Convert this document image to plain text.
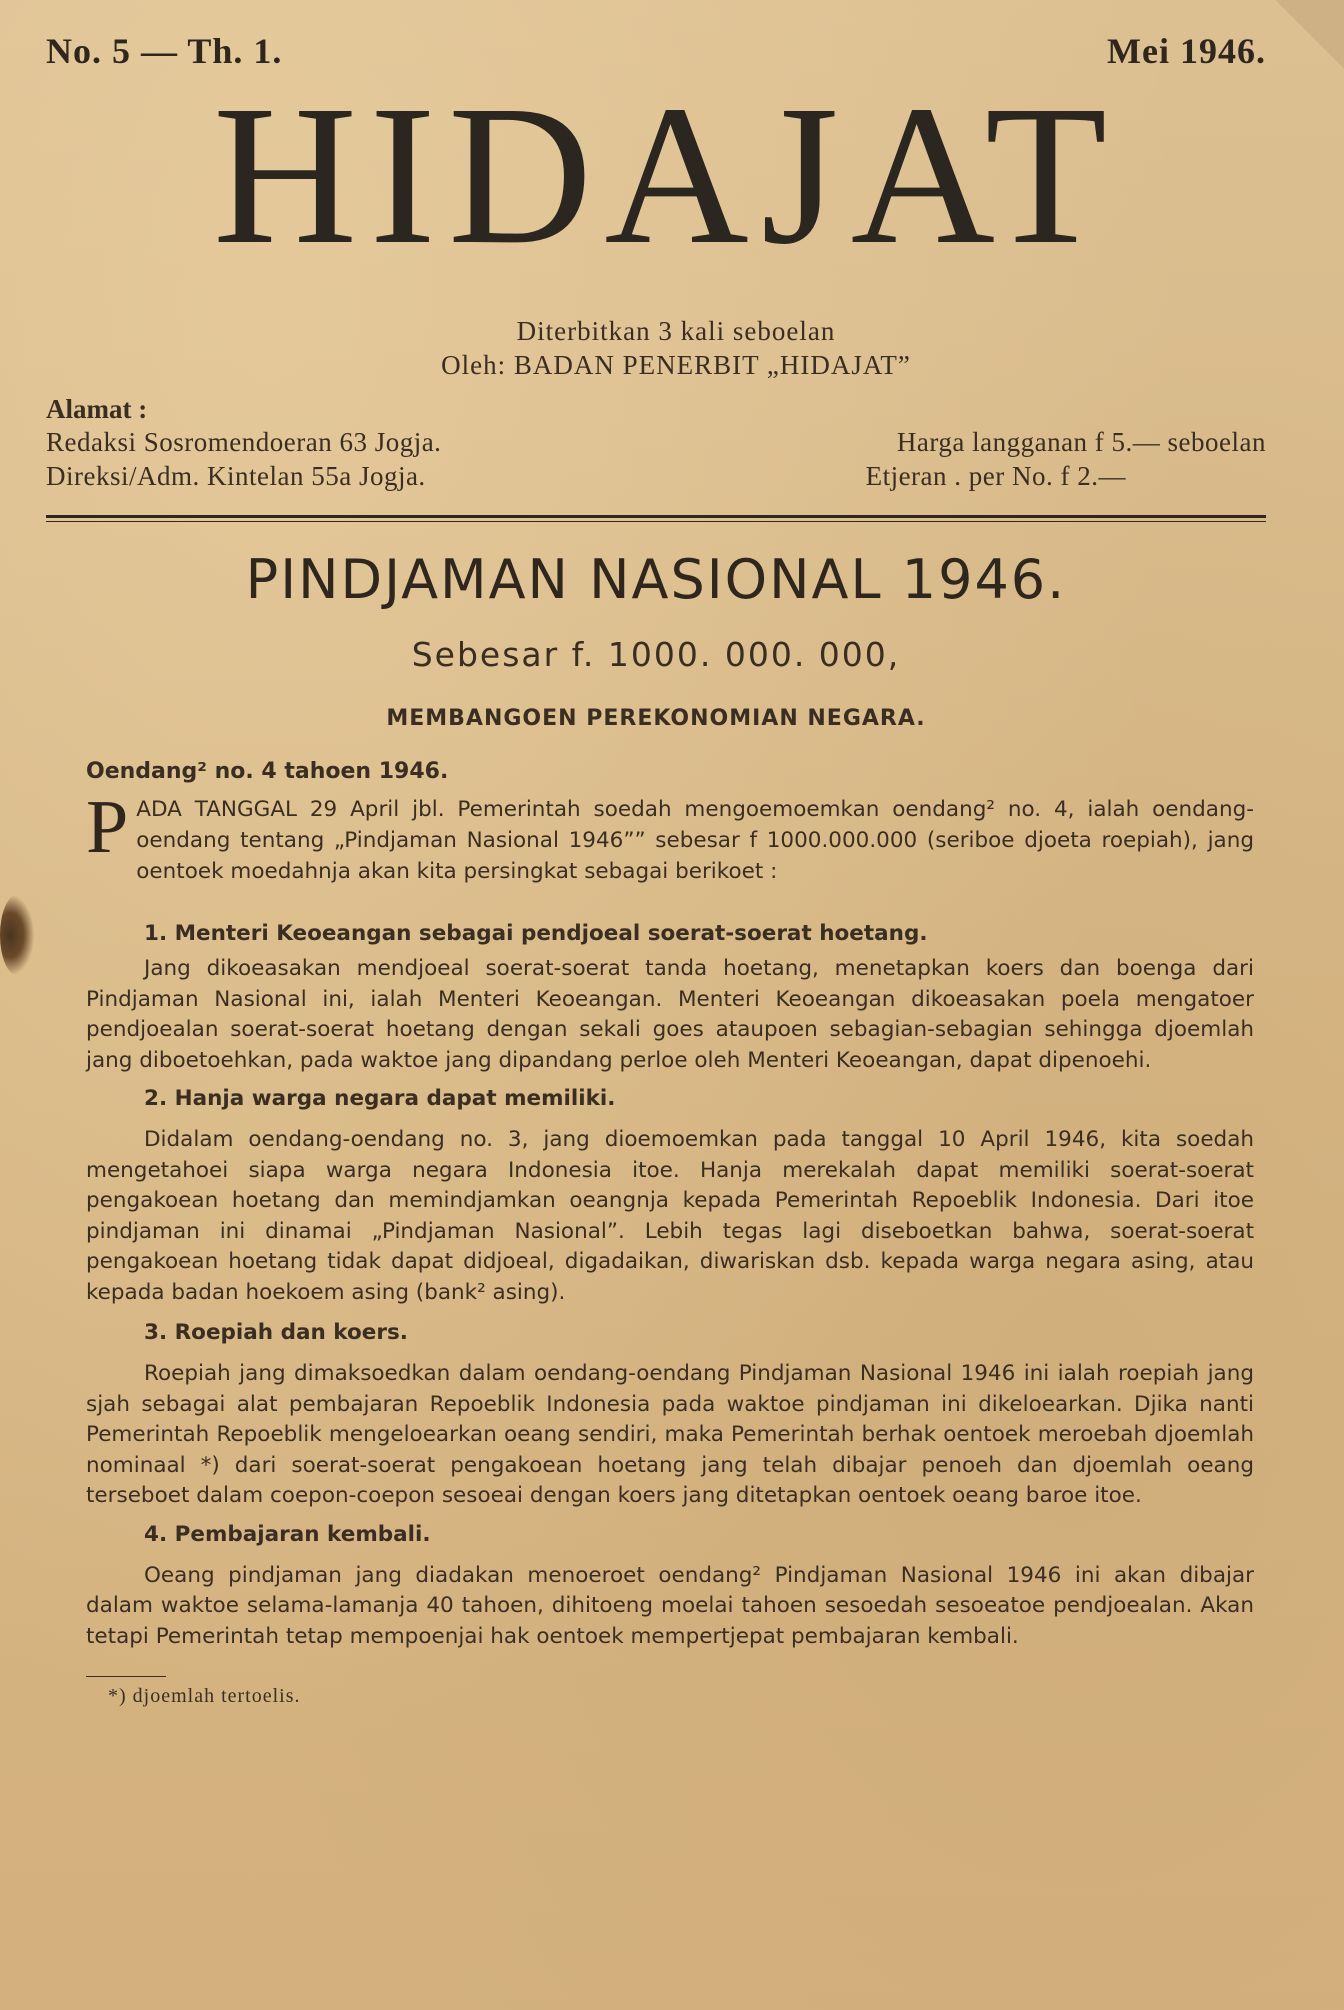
No. 5 — Th. 1.	Mei 1946.
HIDAJAT
Diterbitkan 3 kali seboelan
Oleh: BADAN PENERBIT „HIDAJAT”
Alamat :
Redaksi Sosromendoeran 63 Jogja.	Harga langganan f 5.— seboelan
Direksi/Adm. Kintelan 55a Jogja.	Etjeran . per No. f 2.—
PINDJAMAN NASIONAL 1946.
Sebesar f. 1000. 000. 000,
MEMBANGOEN PEREKONOMIAN NEGARA.
Oendang² no. 4 tahoen 1946.
P ADA TANGGAL 29 April jbl. Pemerintah soedah mengoemoemkan oendang² no. 4, ialah oendang-oendang tentang „Pindjaman Nasional 1946”” sebesar f 1000.000.000 (seriboe djoeta roepiah), jang oentoek moedahnja akan kita persingkat sebagai berikoet :
1. Menteri Keoeangan sebagai pendjoeal soerat-soerat hoetang.
Jang dikoeasakan mendjoeal soerat-soerat tanda hoetang, menetapkan koers dan boenga dari Pindjaman Nasional ini, ialah Menteri Keoeangan. Menteri Keoeangan dikoeasakan poela mengatoer pendjoealan soerat-soerat hoetang dengan sekali goes ataupoen sebagian-sebagian sehingga djoemlah jang diboetoehkan, pada waktoe jang dipandang perloe oleh Menteri Keoeangan, dapat dipenoehi.
2. Hanja warga negara dapat memiliki.
Didalam oendang-oendang no. 3, jang dioemoemkan pada tanggal 10 April 1946, kita soedah mengetahoei siapa warga negara Indonesia itoe. Hanja merekalah dapat memiliki soerat-soerat pengakoean hoetang dan memindjamkan oeangnja kepada Pemerintah Repoeblik Indonesia. Dari itoe pindjaman ini dinamai „Pindjaman Nasional”. Lebih tegas lagi diseboetkan bahwa, soerat-soerat pengakoean hoetang tidak dapat didjoeal, digadaikan, diwariskan dsb. kepada warga negara asing, atau kepada badan hoekoem asing (bank² asing).
3. Roepiah dan koers.
Roepiah jang dimaksoedkan dalam oendang-oendang Pindjaman Nasional 1946 ini ialah roepiah jang sjah sebagai alat pembajaran Repoeblik Indonesia pada waktoe pindjaman ini dikeloearkan. Djika nanti Pemerintah Repoeblik mengeloearkan oeang sendiri, maka Pemerintah berhak oentoek meroebah djoemlah nominaal *) dari soerat-soerat pengakoean hoetang jang telah dibajar penoeh dan djoemlah oeang terseboet dalam coepon-coepon sesoeai dengan koers jang ditetapkan oentoek oeang baroe itoe.
4. Pembajaran kembali.
Oeang pindjaman jang diadakan menoeroet oendang² Pindjaman Nasional 1946 ini akan dibajar dalam waktoe selama-lamanja 40 tahoen, dihitoeng moelai tahoen sesoedah sesoeatoe pendjoealan. Akan tetapi Pemerintah tetap mempoenjai hak oentoek mempertjepat pembajaran kembali.
*) djoemlah tertoelis.
